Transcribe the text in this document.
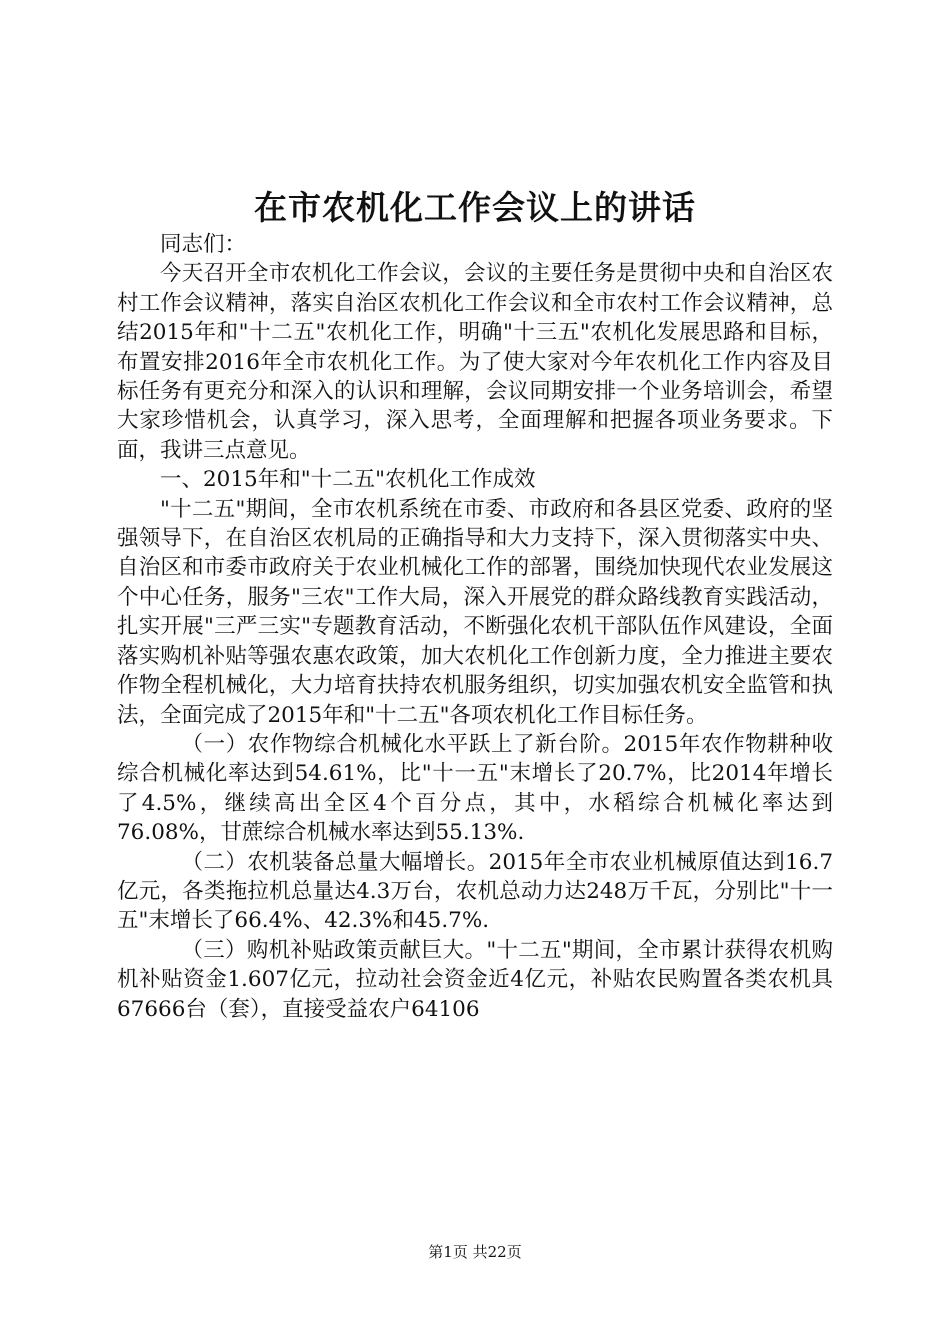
在市农机化工作会议上的讲话

同志们：

今天召开全市农机化工作会议，会议的主要任务是贯彻中央和自治区农村工作会议精神，落实自治区农机化工作会议和全市农村工作会议精神，总结2015年和"十二五"农机化工作，明确"十三五"农机化发展思路和目标，布置安排2016年全市农机化工作。为了使大家对今年农机化工作内容及目标任务有更充分和深入的认识和理解，会议同期安排一个业务培训会，希望大家珍惜机会，认真学习，深入思考，全面理解和把握各项业务要求。下面，我讲三点意见。

一、2015年和"十二五"农机化工作成效

"十二五"期间，全市农机系统在市委、市政府和各县区党委、政府的坚强领导下，在自治区农机局的正确指导和大力支持下，深入贯彻落实中央、自治区和市委市政府关于农业机械化工作的部署，围绕加快现代农业发展这个中心任务，服务"三农"工作大局，深入开展党的群众路线教育实践活动，扎实开展"三严三实"专题教育活动，不断强化农机干部队伍作风建设，全面落实购机补贴等强农惠农政策，加大农机化工作创新力度，全力推进主要农作物全程机械化，大力培育扶持农机服务组织，切实加强农机安全监管和执法，全面完成了2015年和"十二五"各项农机化工作目标任务。

（一）农作物综合机械化水平跃上了新台阶。2015年农作物耕种收综合机械化率达到54.61%，比"十一五"末增长了20.7%，比2014年增长了4.5%，继续高出全区4个百分点，其中，水稻综合机械化率达到76.08%，甘蔗综合机械水率达到55.13%.

（二）农机装备总量大幅增长。2015年全市农业机械原值达到16.7亿元，各类拖拉机总量达4.3万台，农机总动力达248万千瓦，分别比"十一五"末增长了66.4%、42.3%和45.7%.

（三）购机补贴政策贡献巨大。"十二五"期间，全市累计获得农机购机补贴资金1.607亿元，拉动社会资金近4亿元，补贴农民购置各类农机具67666台（套），直接受益农户64106

第1页 共22页
